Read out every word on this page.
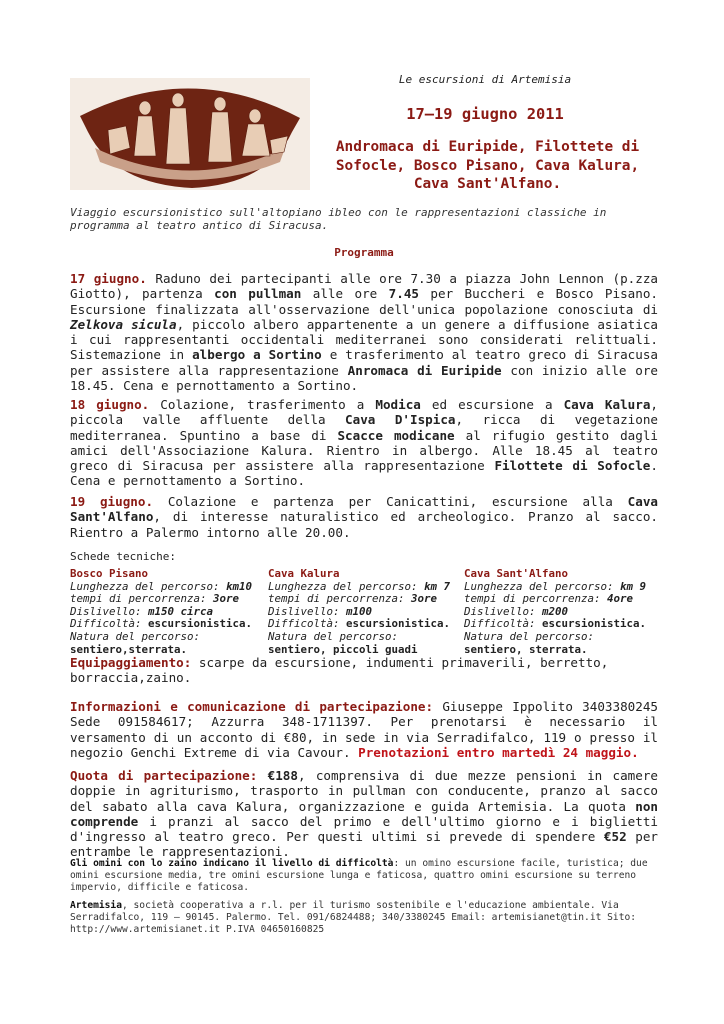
Le escursioni di Artemisia
17–19 giugno 2011
Andromaca di Euripide, Filottete di Sofocle, Bosco Pisano, Cava Kalura, Cava Sant'Alfano.

Viaggio escursionistico sull'altopiano ibleo con le rappresentazioni classiche in programma al teatro antico di Siracusa.

Programma

17 giugno. Raduno dei partecipanti alle ore 7.30 a piazza John Lennon (p.zza Giotto), partenza con pullman alle ore 7.45 per Buccheri e Bosco Pisano. Escursione finalizzata all'osservazione dell'unica popolazione conosciuta di Zelkova sicula, piccolo albero appartenente a un genere a diffusione asiatica i cui rappresentanti occidentali mediterranei sono considerati relittuali. Sistemazione in albergo a Sortino e trasferimento al teatro greco di Siracusa per assistere alla rappresentazione Anromaca di Euripide con inizio alle ore 18.45. Cena e pernottamento a Sortino.

18 giugno. Colazione, trasferimento a Modica ed escursione a Cava Kalura, piccola valle affluente della Cava D'Ispica, ricca di vegetazione mediterranea. Spuntino a base di Scacce modicane al rifugio gestito dagli amici dell'Associazione Kalura. Rientro in albergo. Alle 18.45 al teatro greco di Siracusa per assistere alla rappresentazione Filottete di Sofocle. Cena e pernottamento a Sortino.

19 giugno. Colazione e partenza per Canicattini, escursione alla Cava Sant'Alfano, di interesse naturalistico ed archeologico. Pranzo al sacco. Rientro a Palermo intorno alle 20.00.

Schede tecniche:
Bosco Pisano
Lunghezza del percorso: km10
tempi di percorrenza: 3ore
Dislivello: m150 circa
Difficoltà: escursionistica.
Natura del percorso:
sentiero,sterrata.
Cava Kalura
Lunghezza del percorso: km 7
tempi di percorrenza: 3ore
Dislivello: m100
Difficoltà: escursionistica.
Natura del percorso:
sentiero, piccoli guadi
Cava Sant'Alfano
Lunghezza del percorso: km 9
tempi di percorrenza: 4ore
Dislivello: m200
Difficoltà: escursionistica.
Natura del percorso:
sentiero, sterrata.

Equipaggiamento: scarpe da escursione, indumenti primaverili, berretto, borraccia,zaino.

Informazioni e comunicazione di partecipazione: Giuseppe Ippolito 3403380245 Sede 091584617; Azzurra 348-1711397. Per prenotarsi è necessario il versamento di un acconto di €80, in sede in via Serradifalco, 119 o presso il negozio Genchi Extreme di via Cavour. Prenotazioni entro martedì 24 maggio.

Quota di partecipazione: €188, comprensiva di due mezze pensioni in camere doppie in agriturismo, trasporto in pullman con conducente, pranzo al sacco del sabato alla cava Kalura, organizzazione e guida Artemisia. La quota non comprende i pranzi al sacco del primo e dell'ultimo giorno e i biglietti d'ingresso al teatro greco. Per questi ultimi si prevede di spendere €52 per entrambe le rappresentazioni.

Gli omini con lo zaino indicano il livello di difficoltà: un omino escursione facile, turistica; due omini escursione media, tre omini escursione lunga e faticosa, quattro omini escursione su terreno impervio, difficile e faticosa.

Artemisia, società cooperativa a r.l. per il turismo sostenibile e l'educazione ambientale. Via Serradifalco, 119 – 90145. Palermo. Tel. 091/6824488; 340/3380245 Email: artemisianet@tin.it Sito: http://www.artemisianet.it P.IVA 04650160825
